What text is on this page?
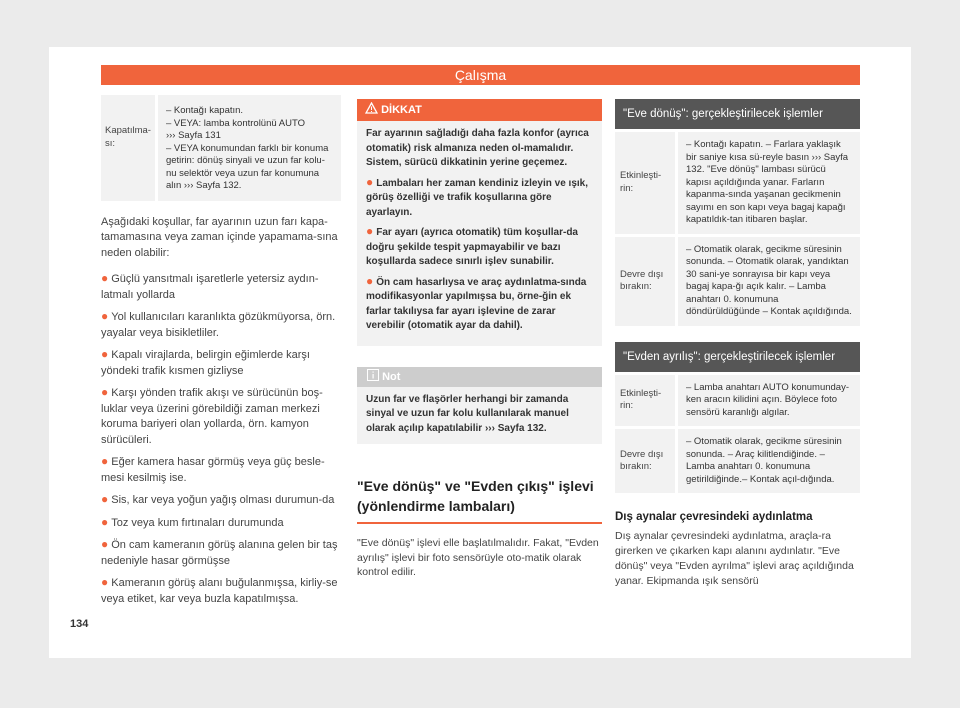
Çalışma
Kapatılma-sı:
– Kontağı kapatın.
– VEYA: lamba kontrolünü AUTO
››› Sayfa 131
– VEYA konumundan farklı bir konuma getirin: dönüş sinyali ve uzun far kolu-nu selektör veya uzun far konumuna alın ››› Sayfa 132.
Aşağıdaki koşullar, far ayarının uzun farı kapa-tamamasına veya zaman içinde yapamama-sına neden olabilir:
● Güçlü yansıtmalı işaretlerle yetersiz aydın-latmalı yollarda
● Yol kullanıcıları karanlıkta gözükmüyorsa, örn. yayalar veya bisikletliler.
● Kapalı virajlarda, belirgin eğimlerde karşı yöndeki trafik kısmen gizliyse
● Karşı yönden trafik akışı ve sürücünün boş-luklar veya üzerini görebildiği zaman merkezi koruma bariyeri olan yollarda, örn. kamyon sürücüleri.
● Eğer kamera hasar görmüş veya güç besle-mesi kesilmiş ise.
● Sis, kar veya yoğun yağış olması durumun-da
● Toz veya kum fırtınaları durumunda
● Ön cam kameranın görüş alanına gelen bir taş nedeniyle hasar görmüşse
● Kameranın görüş alanı buğulanmışsa, kirliy-se veya etiket, kar veya buzla kapatılmışsa.
DİKKAT

Far ayarının sağladığı daha fazla konfor (ayrıca otomatik) risk almanıza neden ol-mamalıdır. Sistem, sürücü dikkatinin yerine geçemez.

● Lambaları her zaman kendiniz izleyin ve ışık, görüş özelliği ve trafik koşullarına göre ayarlayın.

● Far ayarı (ayrıca otomatik) tüm koşullar-da doğru şekilde tespit yapmayabilir ve bazı koşullarda sadece sınırlı işlev sunabilir.

● Ön cam hasarlıysa ve araç aydınlatma-sında modifikasyonlar yapılmışsa bu, örne-ğin ek farlar takılıysa far ayarı işlevine de zarar verebilir (otomatik ayar da dahil).

Not
Uzun far ve flaşörler herhangi bir zamanda sinyal ve uzun far kolu kullanılarak manuel olarak açılıp kapatılabilir ››› Sayfa 132.
"Eve dönüş" ve "Evden çıkış" işlevi (yönlendirme lambaları)
"Eve dönüş" işlevi elle başlatılmalıdır. Fakat, "Evden ayrılış" işlevi bir foto sensörüyle oto-matik olarak kontrol edilir.
"Eve dönüş": gerçekleştirilecek işlemler
Etkinleşti-rin:
– Kontağı kapatın. – Farlara yaklaşık bir saniye kısa sü-reyle basın ››› Sayfa 132. "Eve dönüş" lambası sürücü kapısı açıldığında yanar. Farların kapanma-sında yaşanan gecikmenin sayımı en son kapı veya bagaj kapağı kapatıldık-tan itibaren başlar.
Devre dışı bırakın:
– Otomatik olarak, gecikme süresinin sonunda. – Otomatik olarak, yandıktan 30 sani-ye sonrayısa bir kapı veya bagaj kapa-ğı açık kalır. – Lamba anahtarı 0. konumuna döndürüldüğünde – Kontak açıldığında.
"Evden ayrılış": gerçekleştirilecek işlemler
Etkinleşti-rin:
– Lamba anahtarı AUTO konumunday-ken aracın kilidini açın. Böylece foto sensörü karanlığı algılar.
Devre dışı bırakın:
– Otomatik olarak, gecikme süresinin sonunda. – Araç kilitlendiğinde. – Lamba anahtarı 0. konumuna getirildiğinde.– Kontak açıl-dığında.
Dış aynalar çevresindeki aydınlatma
Dış aynalar çevresindeki aydınlatma, araçla-ra girerken ve çıkarken kapı alanını aydınlatır. "Eve dönüş" veya "Evden ayrılma" işlevi araç açıldığında yanar. Ekipmanda ışık sensörü
134
